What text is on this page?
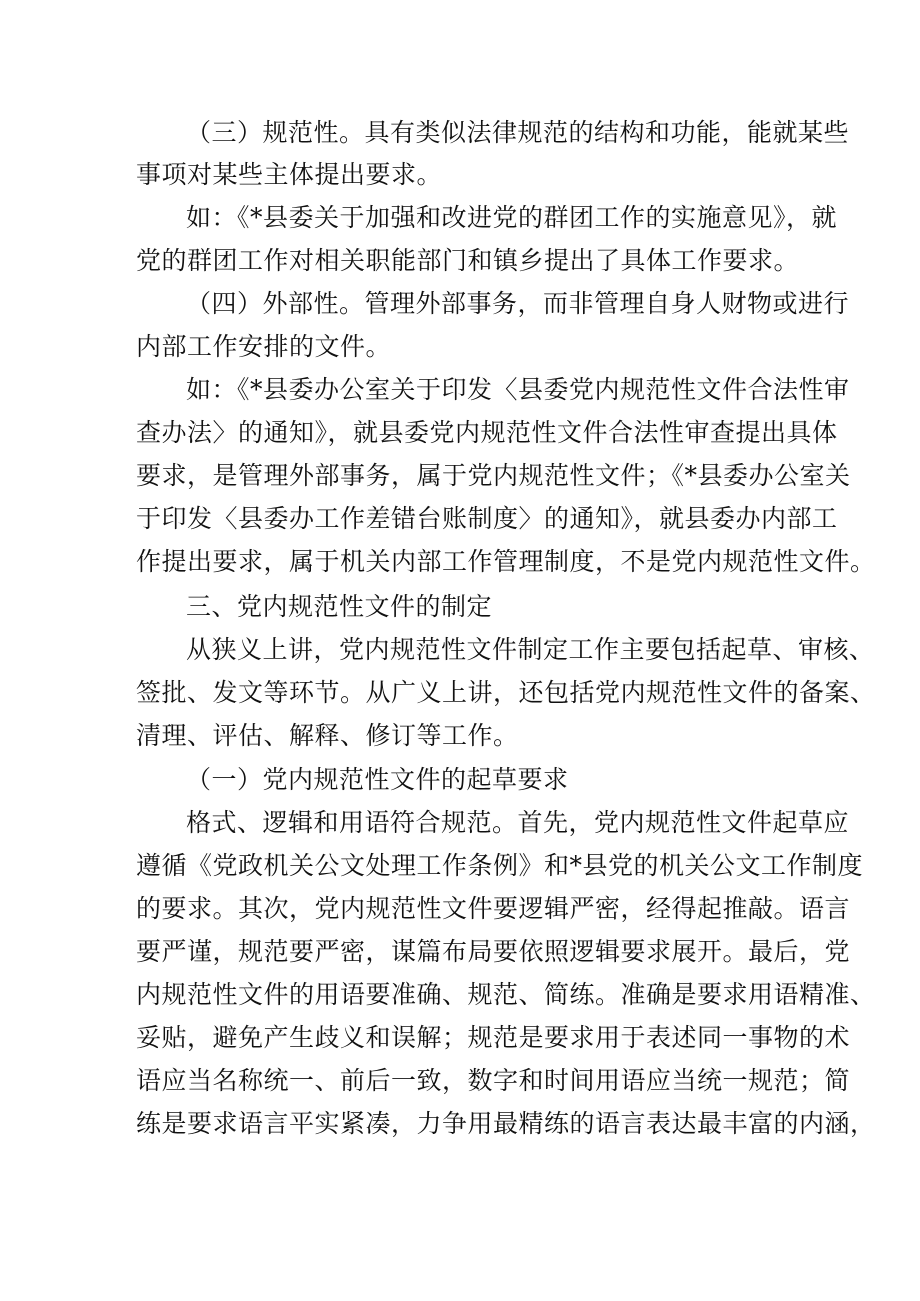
（三）规范性。具有类似法律规范的结构和功能，能就某些
事项对某些主体提出要求。
如：《*县委关于加强和改进党的群团工作的实施意见》，就
党的群团工作对相关职能部门和镇乡提出了具体工作要求。
（四）外部性。管理外部事务，而非管理自身人财物或进行
内部工作安排的文件。
如：《*县委办公室关于印发〈县委党内规范性文件合法性审
查办法〉的通知》，就县委党内规范性文件合法性审查提出具体
要求，是管理外部事务，属于党内规范性文件；《*县委办公室关
于印发〈县委办工作差错台账制度〉的通知》，就县委办内部工
作提出要求，属于机关内部工作管理制度，不是党内规范性文件。
三、党内规范性文件的制定
从狭义上讲，党内规范性文件制定工作主要包括起草、审核、
签批、发文等环节。从广义上讲，还包括党内规范性文件的备案、
清理、评估、解释、修订等工作。
（一）党内规范性文件的起草要求
格式、逻辑和用语符合规范。首先，党内规范性文件起草应
遵循《党政机关公文处理工作条例》和*县党的机关公文工作制度
的要求。其次，党内规范性文件要逻辑严密，经得起推敲。语言
要严谨，规范要严密，谋篇布局要依照逻辑要求展开。最后，党
内规范性文件的用语要准确、规范、简练。准确是要求用语精准、
妥贴，避免产生歧义和误解；规范是要求用于表述同一事物的术
语应当名称统一、前后一致，数字和时间用语应当统一规范；简
练是要求语言平实紧凑，力争用最精练的语言表达最丰富的内涵，
